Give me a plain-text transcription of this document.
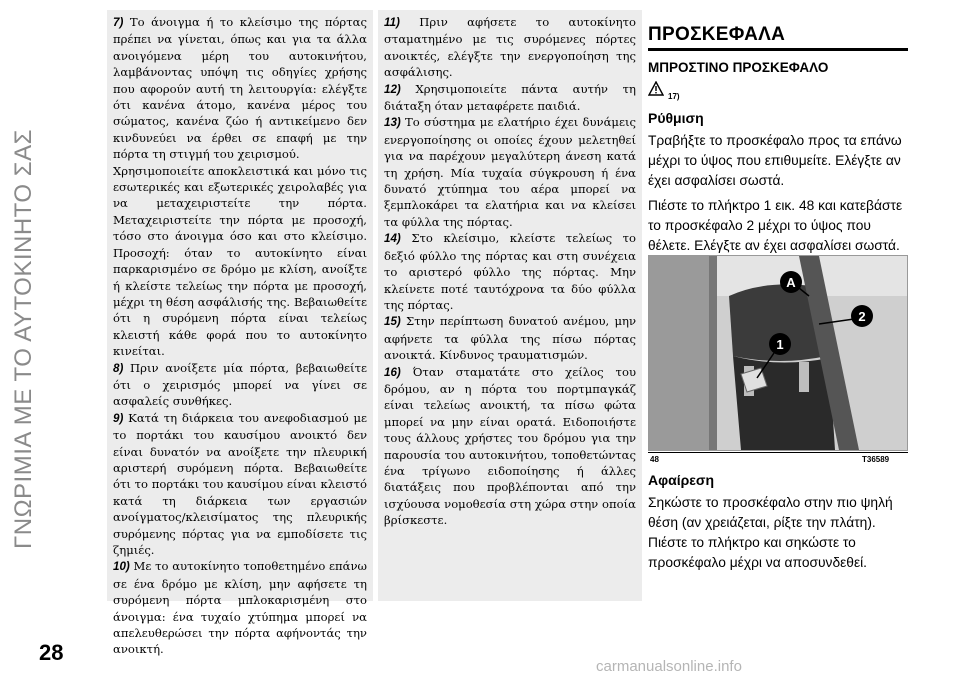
ΓΝΩΡΙΜΙΑ ΜΕ ΤΟ ΑΥΤΟΚΙΝΗΤΟ ΣΑΣ

7) Το άνοιγμα ή το κλείσιμο της πόρτας πρέπει να γίνεται, όπως και για τα άλλα ανοιγόμενα μέρη του αυτοκινήτου, λαμβάνοντας υπόψη τις οδηγίες χρήσης που αφορούν αυτή τη λειτουργία: ελέγξτε ότι κανένα άτομο, κανένα μέρος του σώματος, κανένα ζώο ή αντικείμενο δεν κινδυνεύει να έρθει σε επαφή με την πόρτα τη στιγμή του χειρισμού.

Χρησιμοποιείτε αποκλειστικά και μόνο τις εσωτερικές και εξωτερικές χειρολαβές για να μεταχειριστείτε την πόρτα. Μεταχειριστείτε την πόρτα με προσοχή, τόσο στο άνοιγμα όσο και στο κλείσιμο. Προσοχή: όταν το αυτοκίνητο είναι παρκαρισμένο σε δρόμο με κλίση, ανοίξτε ή κλείστε τελείως την πόρτα με προσοχή, μέχρι τη θέση ασφάλισής της. Βεβαιωθείτε ότι η συρόμενη πόρτα είναι τελείως κλειστή κάθε φορά που το αυτοκίνητο κινείται.

8) Πριν ανοίξετε μία πόρτα, βεβαιωθείτε ότι ο χειρισμός μπορεί να γίνει σε ασφαλείς συνθήκες.

9) Κατά τη διάρκεια του ανεφοδιασμού με το πορτάκι του καυσίμου ανοικτό δεν είναι δυνατόν να ανοίξετε την πλευρική αριστερή συρόμενη πόρτα. Βεβαιωθείτε ότι το πορτάκι του καυσίμου είναι κλειστό κατά τη διάρκεια των εργασιών ανοίγματος/κλεισίματος της πλευρικής συρόμενης πόρτας για να εμποδίσετε τις ζημιές.

10) Με το αυτοκίνητο τοποθετημένο επάνω σε ένα δρόμο με κλίση, μην αφήσετε τη συρόμενη πόρτα μπλοκαρισμένη στο άνοιγμα: ένα τυχαίο χτύπημα μπορεί να απελευθερώσει την πόρτα αφήνοντάς την ανοικτή.

11) Πριν αφήσετε το αυτοκίνητο σταματημένο με τις συρόμενες πόρτες ανοικτές, ελέγξτε την ενεργοποίηση της ασφάλισης.

12) Χρησιμοποιείτε πάντα αυτήν τη διάταξη όταν μεταφέρετε παιδιά.

13) Το σύστημα με ελατήριο έχει δυνάμεις ενεργοποίησης οι οποίες έχουν μελετηθεί για να παρέχουν μεγαλύτερη άνεση κατά τη χρήση. Μία τυχαία σύγκρουση ή ένα δυνατό χτύπημα του αέρα μπορεί να ξεμπλοκάρει τα ελατήρια και να κλείσει τα φύλλα της πόρτας.

14) Στο κλείσιμο, κλείστε τελείως το δεξιό φύλλο της πόρτας και στη συνέχεια το αριστερό φύλλο της πόρτας. Μην κλείνετε ποτέ ταυτόχρονα τα δύο φύλλα της πόρτας.

15) Στην περίπτωση δυνατού ανέμου, μην αφήνετε τα φύλλα της πίσω πόρτας ανοικτά. Κίνδυνος τραυματισμών.

16) Όταν σταματάτε στο χείλος του δρόμου, αν η πόρτα του πορτμπαγκάζ είναι τελείως ανοικτή, τα πίσω φώτα μπορεί να μην είναι ορατά. Ειδοποιήστε τους άλλους χρήστες του δρόμου για την παρουσία του αυτοκινήτου, τοποθετώντας ένα τρίγωνο ειδοποίησης ή άλλες διατάξεις που προβλέπονται από την ισχύουσα νομοθεσία στη χώρα στην οποία βρίσκεστε.

ΠΡΟΣΚΕΦΑΛΑ
ΜΠΡΟΣΤΙΝΟ ΠΡΟΣΚΕΦΑΛΟ
17)
Ρύθμιση

Τραβήξτε το προσκέφαλο προς τα επάνω μέχρι το ύψος που επιθυμείτε. Ελέγξτε αν έχει ασφαλίσει σωστά.

Πιέστε το πλήκτρο 1 εικ. 48 και κατεβάστε το προσκέφαλο 2 μέχρι το ύψος που θέλετε. Ελέγξτε αν έχει ασφαλίσει σωστά.

A
2
1
48	T36589
Αφαίρεση

Σηκώστε το προσκέφαλο στην πιο ψηλή θέση (αν χρειάζεται, ρίξτε την πλάτη). Πιέστε το πλήκτρο και σηκώστε το προσκέφαλο μέχρι να αποσυνδεθεί.

28
carmanualsonline.info
